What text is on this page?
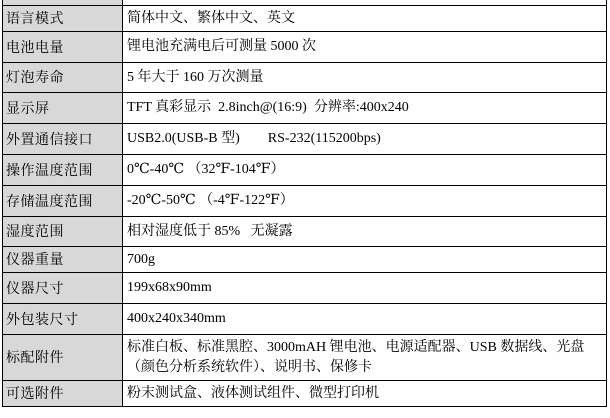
语言模式	简体中文、繁体中文、英文
电池电量	锂电池充满电后可测量 5000 次
灯泡寿命	5 年大于 160 万次测量
显示屏	TFT 真彩显示  2.8inch@(16:9)  分辨率:400x240
外置通信接口	USB2.0(USB-B 型)        RS-232(115200bps)
操作温度范围	0℃-40℃ （32℉-104℉）
存储温度范围	-20℃-50℃ （-4℉-122℉）
湿度范围	相对湿度低于 85%   无凝露
仪器重量	700g
仪器尺寸	199x68x90mm
外包装尺寸	400x240x340mm
标配附件	标准白板、标准黑腔、3000mAH 锂电池、电源适配器、USB 数据线、光盘（颜色分析系统软件）、说明书、保修卡
可选附件	粉末测试盒、液体测试组件、微型打印机
